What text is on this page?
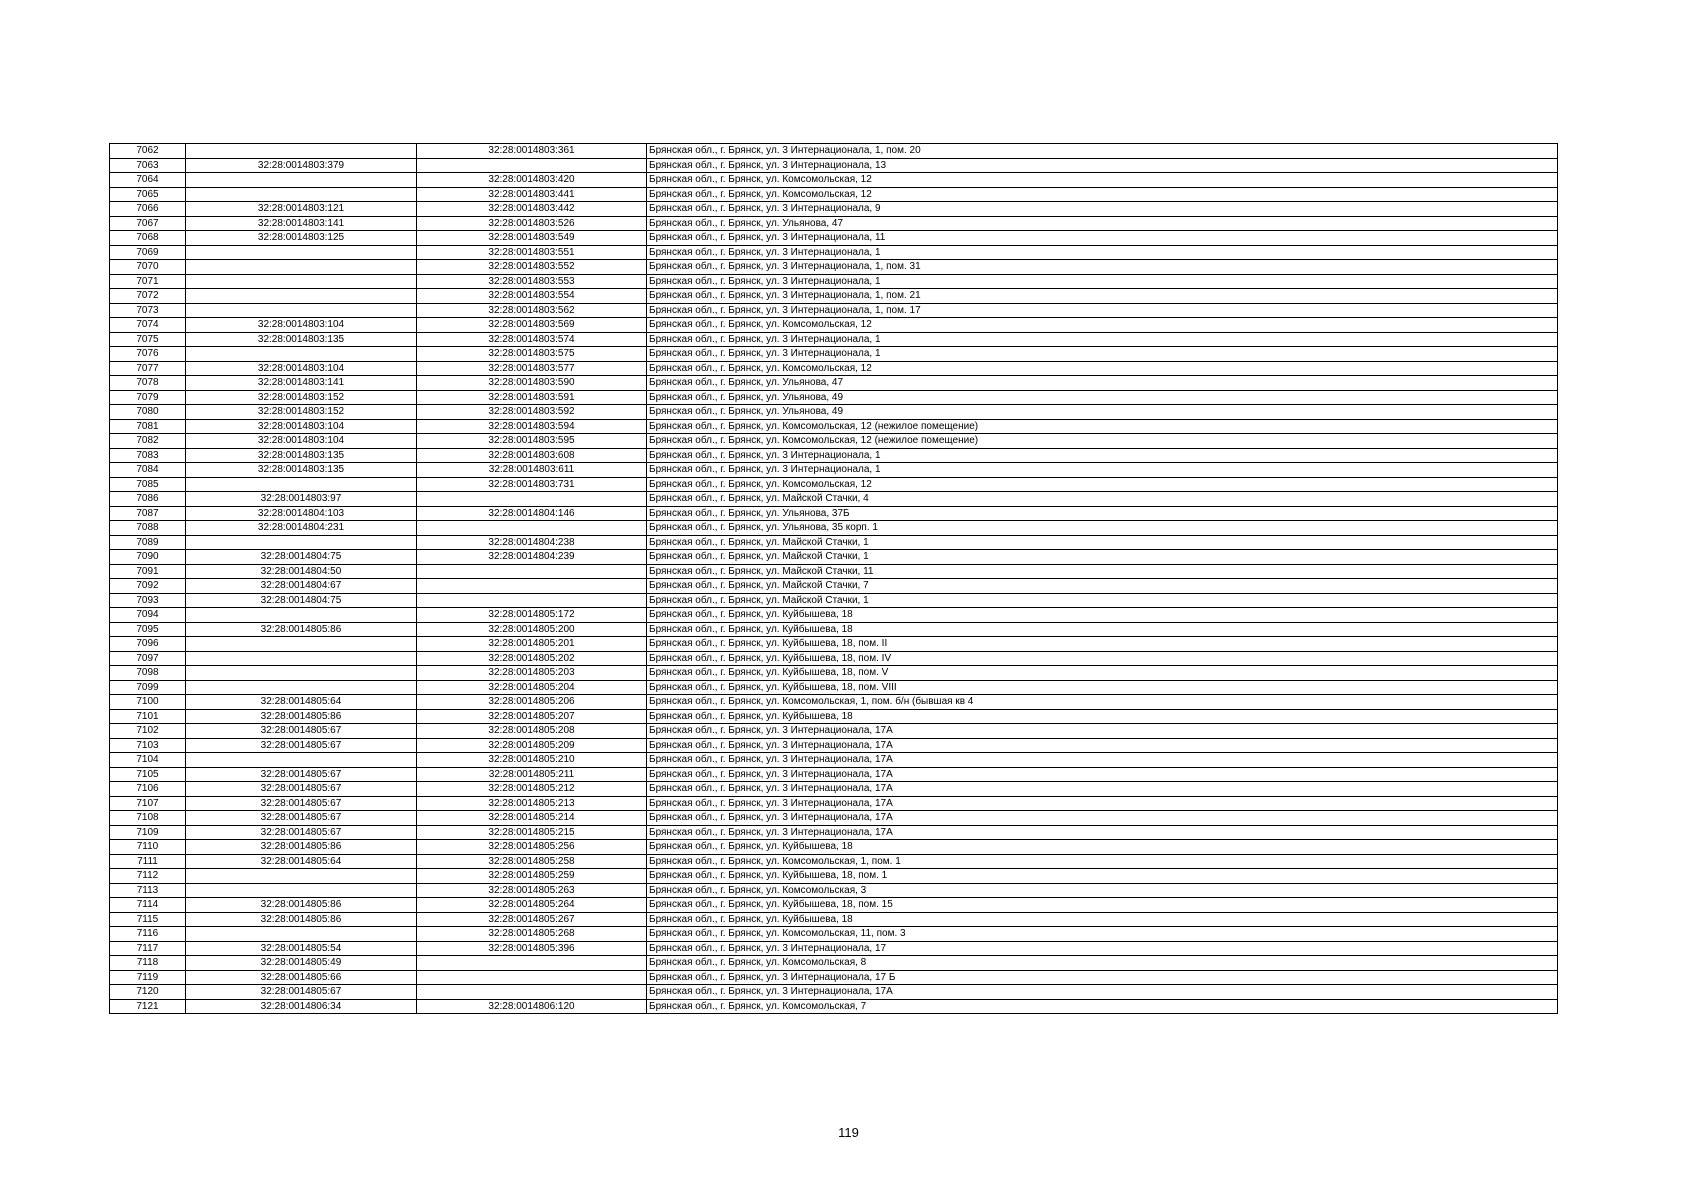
7062		32:28:0014803:361	Брянская обл., г. Брянск, ул. 3 Интернационала, 1, пом. 20
7063	32:28:0014803:379		Брянская обл., г. Брянск, ул. 3 Интернационала, 13
7064		32:28:0014803:420	Брянская обл., г. Брянск, ул. Комсомольская, 12
7065		32:28:0014803:441	Брянская обл., г. Брянск, ул. Комсомольская, 12
7066	32:28:0014803:121	32:28:0014803:442	Брянская обл., г. Брянск, ул. 3 Интернационала, 9
7067	32:28:0014803:141	32:28:0014803:526	Брянская обл., г. Брянск, ул. Ульянова, 47
7068	32:28:0014803:125	32:28:0014803:549	Брянская обл., г. Брянск, ул. 3 Интернационала, 11
7069		32:28:0014803:551	Брянская обл., г. Брянск, ул. 3 Интернационала, 1
7070		32:28:0014803:552	Брянская обл., г. Брянск, ул. 3 Интернационала, 1, пом. 31
7071		32:28:0014803:553	Брянская обл., г. Брянск, ул. 3 Интернационала, 1
7072		32:28:0014803:554	Брянская обл., г. Брянск, ул. 3 Интернационала, 1, пом. 21
7073		32:28:0014803:562	Брянская обл., г. Брянск, ул. 3 Интернационала, 1, пом. 17
7074	32:28:0014803:104	32:28:0014803:569	Брянская обл., г. Брянск, ул. Комсомольская, 12
7075	32:28:0014803:135	32:28:0014803:574	Брянская обл., г. Брянск, ул. 3 Интернационала, 1
7076		32:28:0014803:575	Брянская обл., г. Брянск, ул. 3 Интернационала, 1
7077	32:28:0014803:104	32:28:0014803:577	Брянская обл., г. Брянск, ул. Комсомольская, 12
7078	32:28:0014803:141	32:28:0014803:590	Брянская обл., г. Брянск, ул. Ульянова, 47
7079	32:28:0014803:152	32:28:0014803:591	Брянская обл., г. Брянск, ул. Ульянова, 49
7080	32:28:0014803:152	32:28:0014803:592	Брянская обл., г. Брянск, ул. Ульянова, 49
7081	32:28:0014803:104	32:28:0014803:594	Брянская обл., г. Брянск, ул. Комсомольская, 12 (нежилое помещение)
7082	32:28:0014803:104	32:28:0014803:595	Брянская обл., г. Брянск, ул. Комсомольская, 12 (нежилое помещение)
7083	32:28:0014803:135	32:28:0014803:608	Брянская обл., г. Брянск, ул. 3 Интернационала, 1
7084	32:28:0014803:135	32:28:0014803:611	Брянская обл., г. Брянск, ул. 3 Интернационала, 1
7085		32:28:0014803:731	Брянская обл., г. Брянск, ул. Комсомольская, 12
7086	32:28:0014803:97		Брянская обл., г. Брянск, ул. Майской Стачки, 4
7087	32:28:0014804:103	32:28:0014804:146	Брянская обл., г. Брянск, ул. Ульянова, 37Б
7088	32:28:0014804:231		Брянская обл., г. Брянск, ул. Ульянова, 35 корп. 1
7089		32:28:0014804:238	Брянская обл., г. Брянск, ул. Майской Стачки, 1
7090	32:28:0014804:75	32:28:0014804:239	Брянская обл., г. Брянск, ул. Майской Стачки, 1
7091	32:28:0014804:50		Брянская обл., г. Брянск, ул. Майской Стачки, 11
7092	32:28:0014804:67		Брянская обл., г. Брянск, ул. Майской Стачки, 7
7093	32:28:0014804:75		Брянская обл., г. Брянск, ул. Майской Стачки, 1
7094		32:28:0014805:172	Брянская обл., г. Брянск, ул. Куйбышева, 18
7095	32:28:0014805:86	32:28:0014805:200	Брянская обл., г. Брянск, ул. Куйбышева, 18
7096		32:28:0014805:201	Брянская обл., г. Брянск, ул. Куйбышева, 18, пом. II
7097		32:28:0014805:202	Брянская обл., г. Брянск, ул. Куйбышева, 18, пом. IV
7098		32:28:0014805:203	Брянская обл., г. Брянск, ул. Куйбышева, 18, пом. V
7099		32:28:0014805:204	Брянская обл., г. Брянск, ул. Куйбышева, 18, пом. VIII
7100	32:28:0014805:64	32:28:0014805:206	Брянская обл., г. Брянск, ул. Комсомольская, 1, пом. б/н (бывшая кв 4
7101	32:28:0014805:86	32:28:0014805:207	Брянская обл., г. Брянск, ул. Куйбышева, 18
7102	32:28:0014805:67	32:28:0014805:208	Брянская обл., г. Брянск, ул. 3 Интернационала, 17А
7103	32:28:0014805:67	32:28:0014805:209	Брянская обл., г. Брянск, ул. 3 Интернационала, 17А
7104		32:28:0014805:210	Брянская обл., г. Брянск, ул. 3 Интернационала, 17А
7105	32:28:0014805:67	32:28:0014805:211	Брянская обл., г. Брянск, ул. 3 Интернационала, 17А
7106	32:28:0014805:67	32:28:0014805:212	Брянская обл., г. Брянск, ул. 3 Интернационала, 17А
7107	32:28:0014805:67	32:28:0014805:213	Брянская обл., г. Брянск, ул. 3 Интернационала, 17А
7108	32:28:0014805:67	32:28:0014805:214	Брянская обл., г. Брянск, ул. 3 Интернационала, 17А
7109	32:28:0014805:67	32:28:0014805:215	Брянская обл., г. Брянск, ул. 3 Интернационала, 17А
7110	32:28:0014805:86	32:28:0014805:256	Брянская обл., г. Брянск, ул. Куйбышева, 18
7111	32:28:0014805:64	32:28:0014805:258	Брянская обл., г. Брянск, ул. Комсомольская, 1, пом. 1
7112		32:28:0014805:259	Брянская обл., г. Брянск, ул. Куйбышева, 18, пом. 1
7113		32:28:0014805:263	Брянская обл., г. Брянск, ул. Комсомольская, 3
7114	32:28:0014805:86	32:28:0014805:264	Брянская обл., г. Брянск, ул. Куйбышева, 18, пом. 15
7115	32:28:0014805:86	32:28:0014805:267	Брянская обл., г. Брянск, ул. Куйбышева, 18
7116		32:28:0014805:268	Брянская обл., г. Брянск, ул. Комсомольская, 11, пом. 3
7117	32:28:0014805:54	32:28:0014805:396	Брянская обл., г. Брянск, ул. 3 Интернационала, 17
7118	32:28:0014805:49		Брянская обл., г. Брянск, ул. Комсомольская, 8
7119	32:28:0014805:66		Брянская обл., г. Брянск, ул. 3 Интернационала, 17 Б
7120	32:28:0014805:67		Брянская обл., г. Брянск, ул. 3 Интернационала, 17А
7121	32:28:0014806:34	32:28:0014806:120	Брянская обл., г. Брянск, ул. Комсомольская, 7
119
